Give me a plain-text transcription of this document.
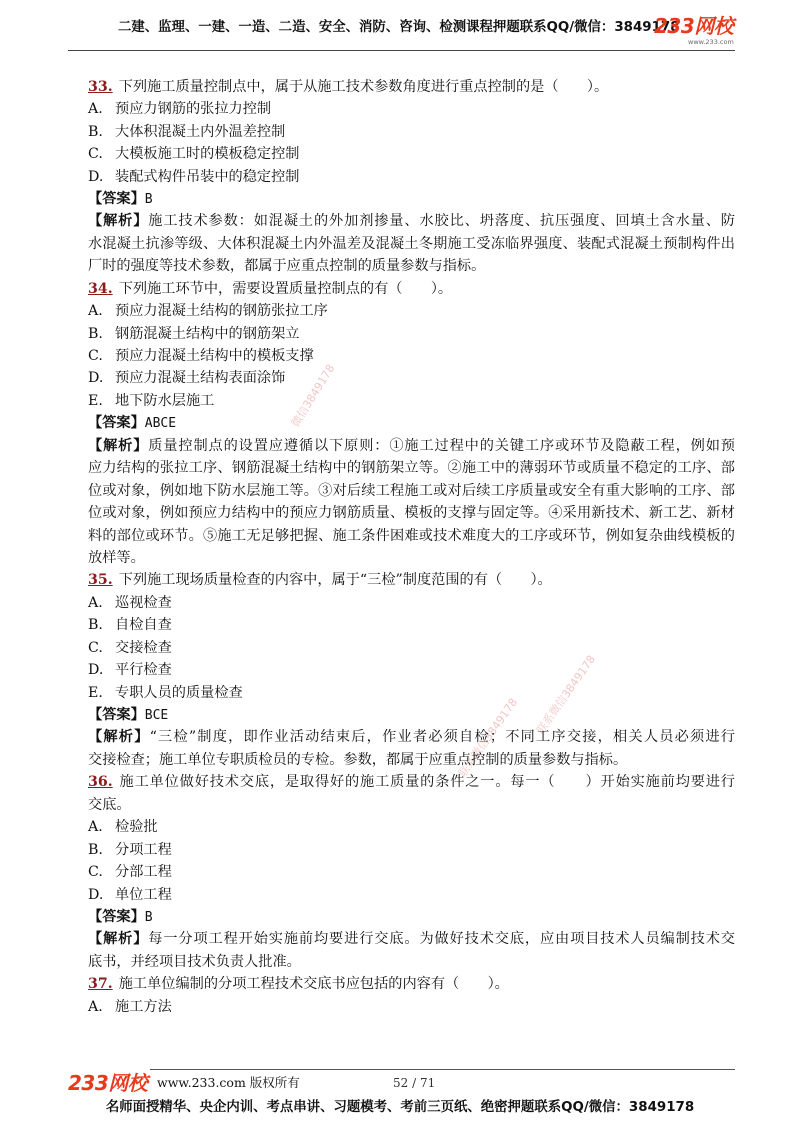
二建、监理、一建、一造、二造、安全、消防、咨询、检测课程押题联系QQ/微信：3849178
233网校
www.233.com
微信3849178
联系微信3849178
联系微信3849178
33. 下列施工质量控制点中，属于从施工技术参数角度进行重点控制的是（　　）。
A. 预应力钢筋的张拉力控制
B. 大体积混凝土内外温差控制
C. 大模板施工时的模板稳定控制
D. 装配式构件吊装中的稳定控制
【答案】B
【解析】施工技术参数：如混凝土的外加剂掺量、水胶比、坍落度、抗压强度、回填土含水量、防
水混凝土抗渗等级、大体积混凝土内外温差及混凝土冬期施工受冻临界强度、装配式混凝土预制构件出
厂时的强度等技术参数，都属于应重点控制的质量参数与指标。
34. 下列施工环节中，需要设置质量控制点的有（　　）。
A. 预应力混凝土结构的钢筋张拉工序
B. 钢筋混凝土结构中的钢筋架立
C. 预应力混凝土结构中的模板支撑
D. 预应力混凝土结构表面涂饰
E. 地下防水层施工
【答案】ABCE
【解析】质量控制点的设置应遵循以下原则：①施工过程中的关键工序或环节及隐蔽工程，例如预
应力结构的张拉工序、钢筋混凝土结构中的钢筋架立等。②施工中的薄弱环节或质量不稳定的工序、部
位或对象，例如地下防水层施工等。③对后续工程施工或对后续工序质量或安全有重大影响的工序、部
位或对象，例如预应力结构中的预应力钢筋质量、模板的支撑与固定等。④采用新技术、新工艺、新材
料的部位或环节。⑤施工无足够把握、施工条件困难或技术难度大的工序或环节，例如复杂曲线模板的
放样等。
35. 下列施工现场质量检查的内容中，属于“三检”制度范围的有（　　）。
A. 巡视检查
B. 自检自查
C. 交接检查
D. 平行检查
E. 专职人员的质量检查
【答案】BCE
【解析】“三检”制度，即作业活动结束后，作业者必须自检；不同工序交接，相关人员必须进行
交接检查；施工单位专职质检员的专检。参数，都属于应重点控制的质量参数与指标。
36. 施工单位做好技术交底，是取得好的施工质量的条件之一。每一（　　）开始实施前均要进行
交底。
A. 检验批
B. 分项工程
C. 分部工程
D. 单位工程
【答案】B
【解析】每一分项工程开始实施前均要进行交底。为做好技术交底，应由项目技术人员编制技术交
底书，并经项目技术负责人批准。
37. 施工单位编制的分项工程技术交底书应包括的内容有（　　）。
A. 施工方法
233网校 www.233.com 版权所有	52 / 71
名师面授精华、央企内训、考点串讲、习题模考、考前三页纸、绝密押题联系QQ/微信：3849178
